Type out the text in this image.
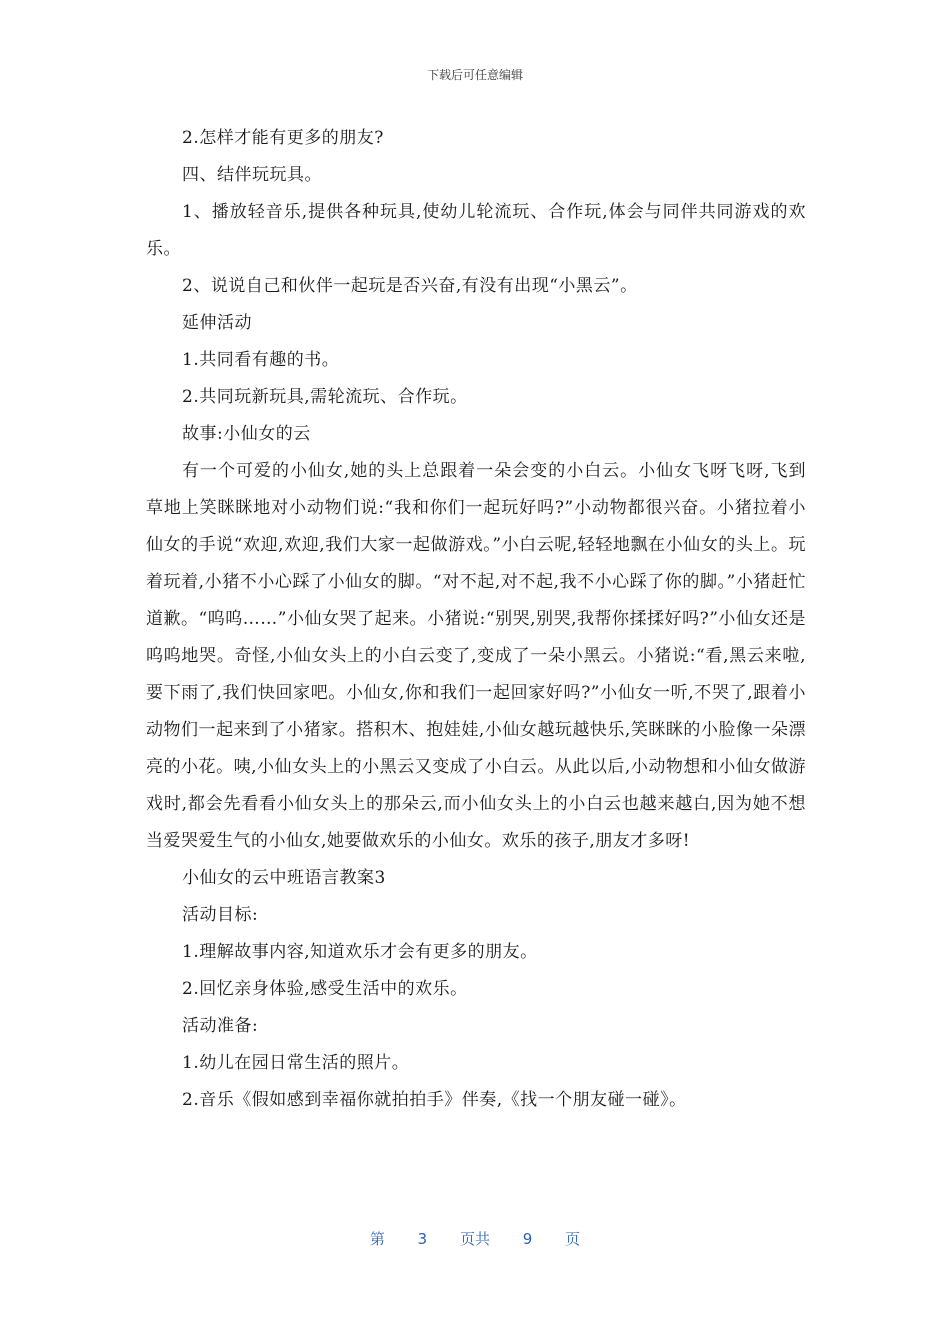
下载后可任意编辑

2.怎样才能有更多的朋友?

四、结伴玩玩具。

1、播放轻音乐,提供各种玩具,使幼儿轮流玩、合作玩,体会与同伴共同游戏的欢乐。

2、说说自己和伙伴一起玩是否兴奋,有没有出现“小黑云”。

延伸活动

1.共同看有趣的书。

2.共同玩新玩具,需轮流玩、合作玩。

故事:小仙女的云

有一个可爱的小仙女,她的头上总跟着一朵会变的小白云。小仙女飞呀飞呀,飞到草地上笑眯眯地对小动物们说:“我和你们一起玩好吗?”小动物都很兴奋。小猪拉着小仙女的手说“欢迎,欢迎,我们大家一起做游戏。”小白云呢,轻轻地飘在小仙女的头上。玩着玩着,小猪不小心踩了小仙女的脚。“对不起,对不起,我不小心踩了你的脚。”小猪赶忙道歉。“呜呜……”小仙女哭了起来。小猪说:“别哭,别哭,我帮你揉揉好吗?”小仙女还是呜呜地哭。奇怪,小仙女头上的小白云变了,变成了一朵小黑云。小猪说:“看,黑云来啦,要下雨了,我们快回家吧。小仙女,你和我们一起回家好吗?”小仙女一听,不哭了,跟着小动物们一起来到了小猪家。搭积木、抱娃娃,小仙女越玩越快乐,笑眯眯的小脸像一朵漂亮的小花。咦,小仙女头上的小黑云又变成了小白云。从此以后,小动物想和小仙女做游戏时,都会先看看小仙女头上的那朵云,而小仙女头上的小白云也越来越白,因为她不想当爱哭爱生气的小仙女,她要做欢乐的小仙女。欢乐的孩子,朋友才多呀!

小仙女的云中班语言教案3

活动目标:

1.理解故事内容,知道欢乐才会有更多的朋友。

2.回忆亲身体验,感受生活中的欢乐。

活动准备:

1.幼儿在园日常生活的照片。

2.音乐《假如感到幸福你就拍拍手》伴奏,《找一个朋友碰一碰》。

第 3 页共 9 页
